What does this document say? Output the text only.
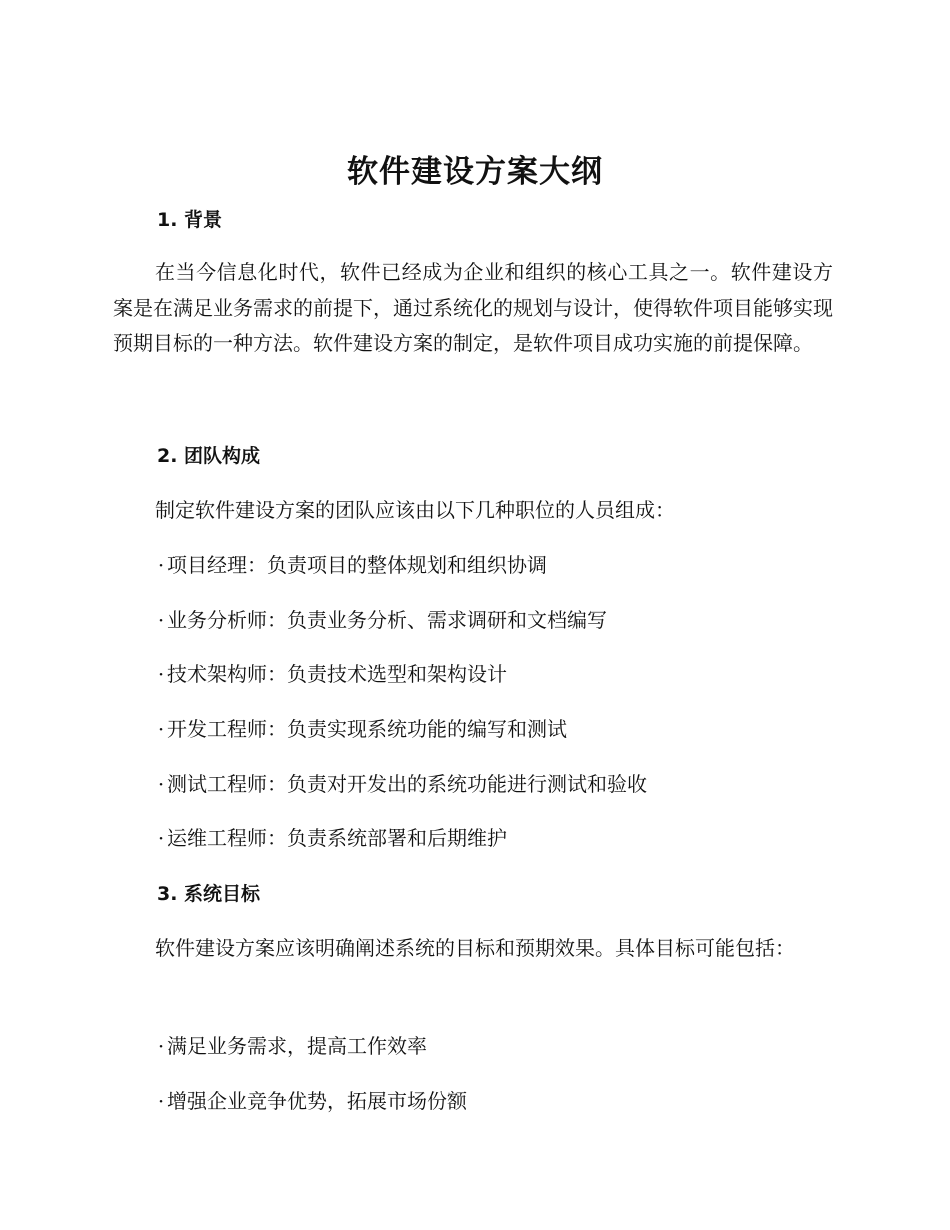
软件建设方案大纲
1. 背景

在当今信息化时代，软件已经成为企业和组织的核心工具之一。软件建设方案是在满足业务需求的前提下，通过系统化的规划与设计，使得软件项目能够实现预期目标的一种方法。软件建设方案的制定，是软件项目成功实施的前提保障。

2. 团队构成

制定软件建设方案的团队应该由以下几种职位的人员组成：

· 项目经理：负责项目的整体规划和组织协调

· 业务分析师：负责业务分析、需求调研和文档编写

· 技术架构师：负责技术选型和架构设计

· 开发工程师：负责实现系统功能的编写和测试

· 测试工程师：负责对开发出的系统功能进行测试和验收

· 运维工程师：负责系统部署和后期维护

3. 系统目标

软件建设方案应该明确阐述系统的目标和预期效果。具体目标可能包括：

· 满足业务需求，提高工作效率

· 增强企业竞争优势，拓展市场份额
